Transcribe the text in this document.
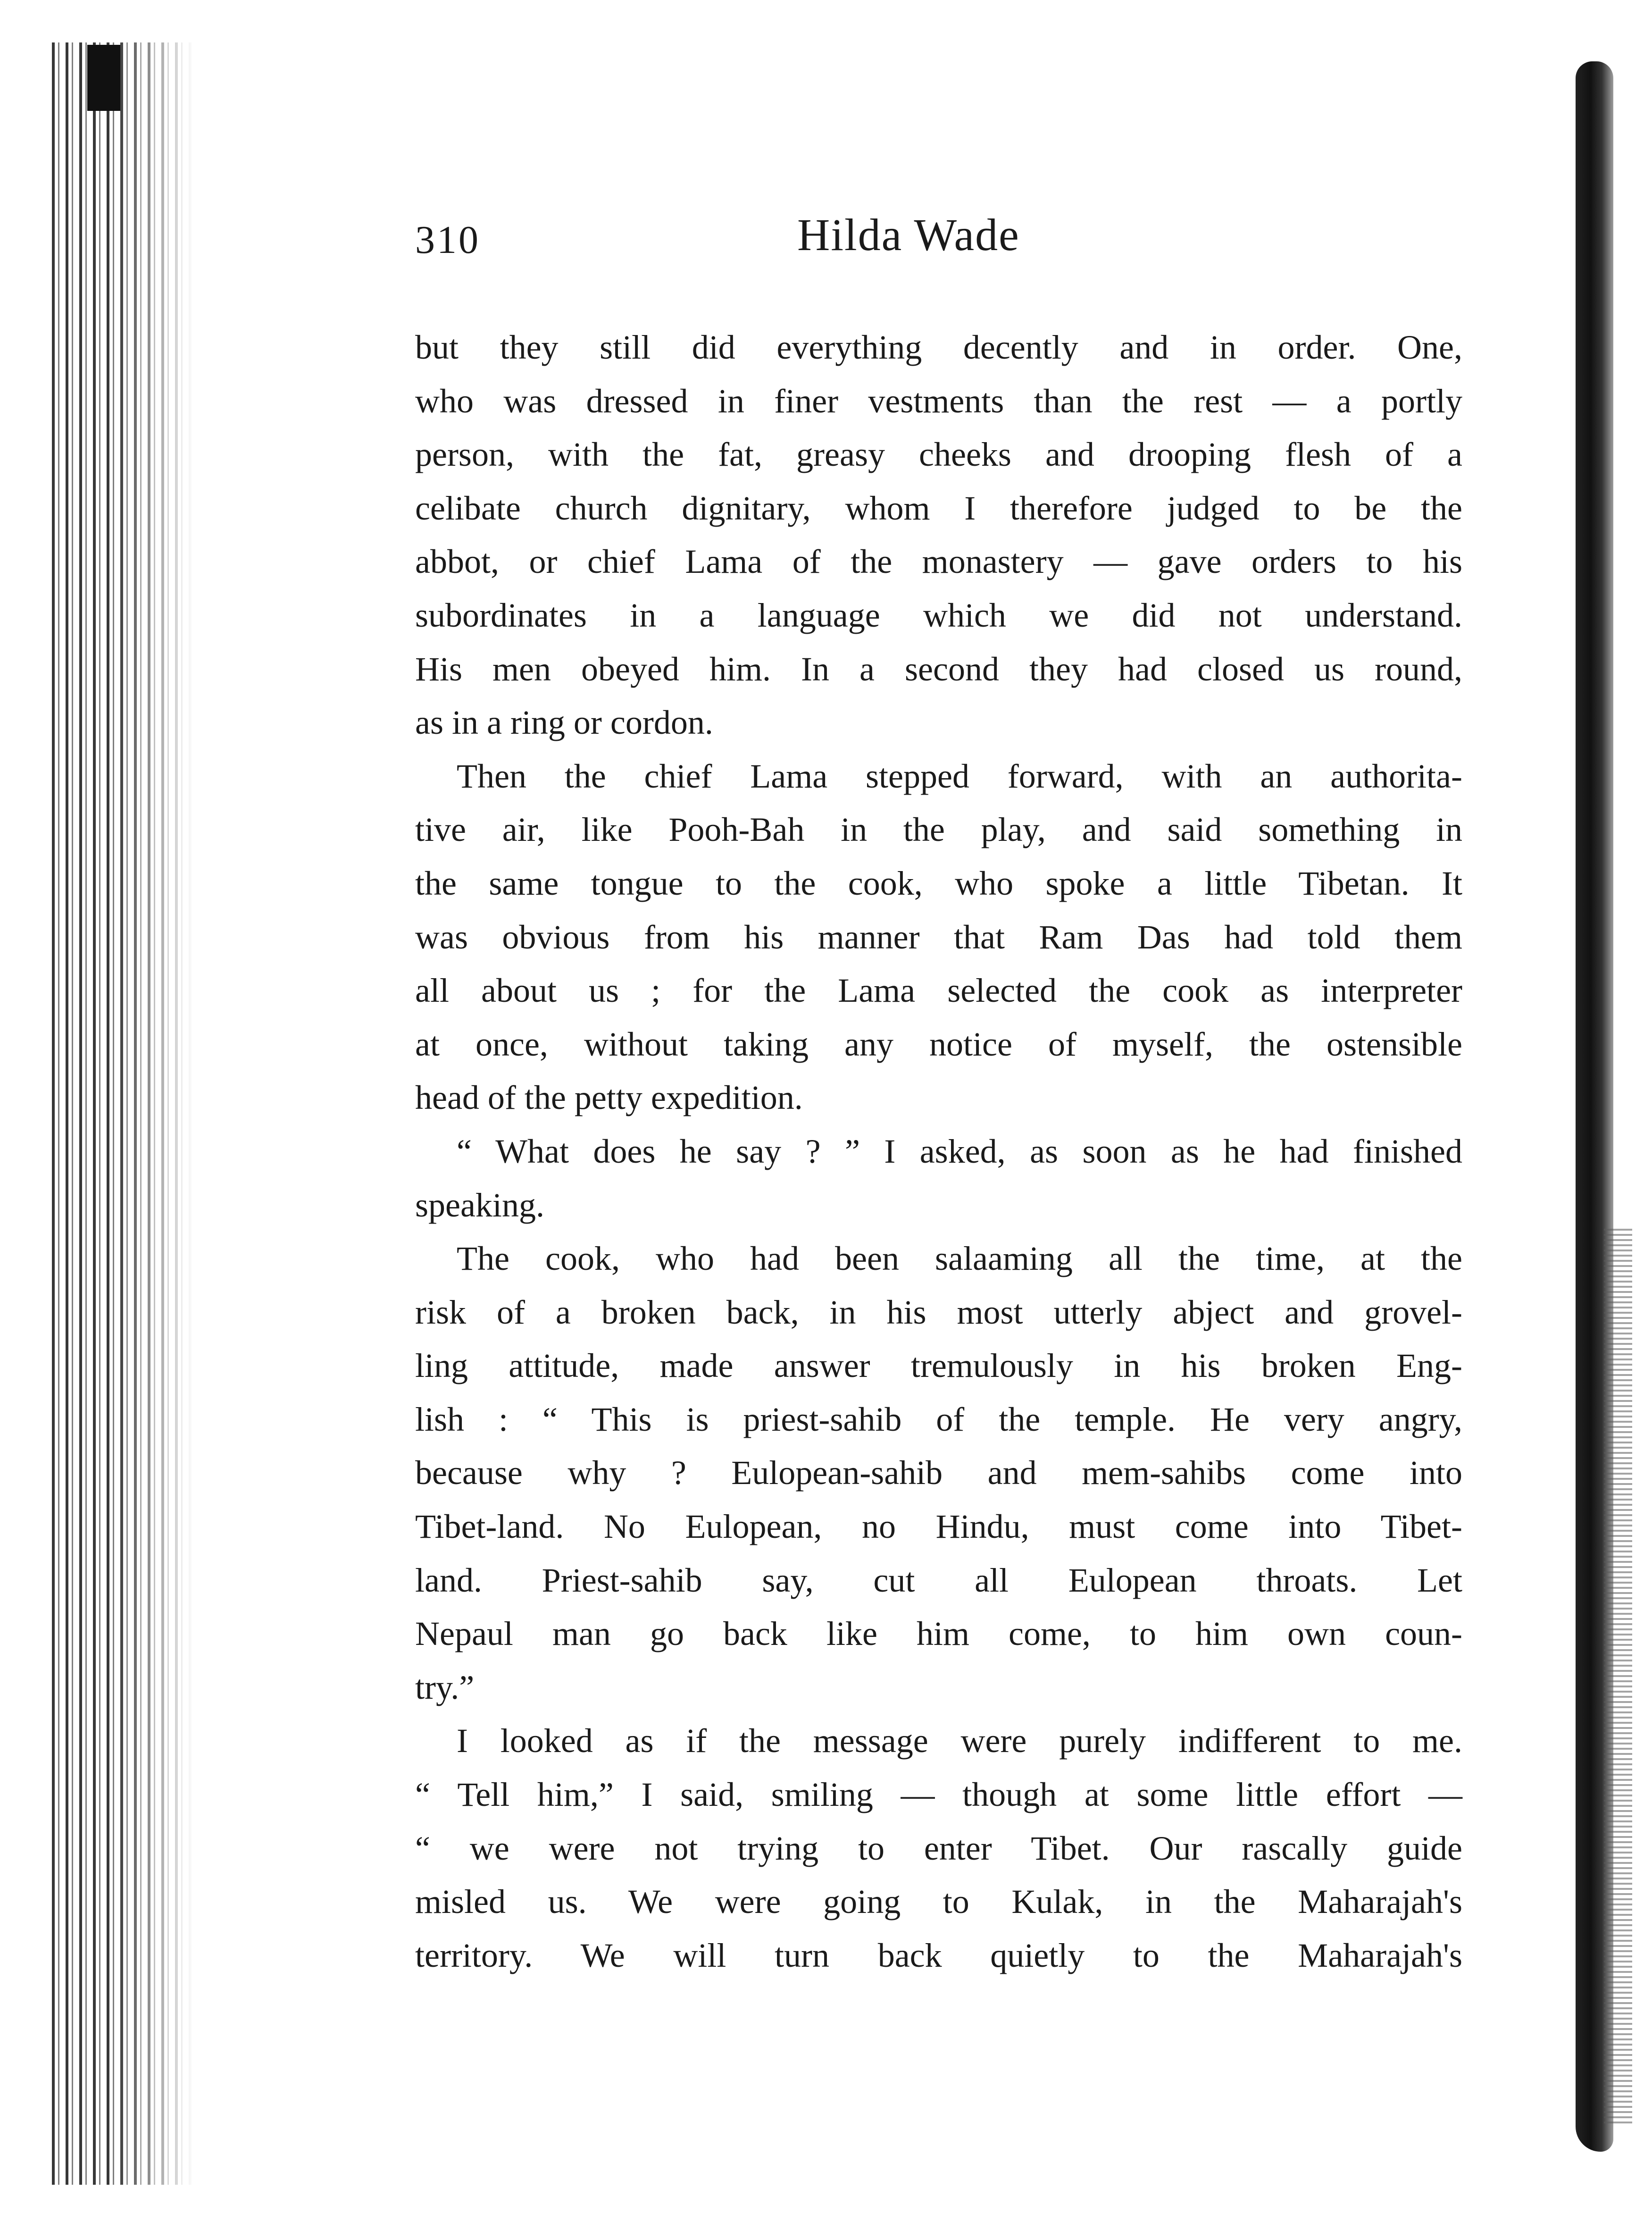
310	Hilda Wade
but they still did everything decently and in order. One,
who was dressed in finer vestments than the rest — a portly
person, with the fat, greasy cheeks and drooping flesh of a
celibate church dignitary, whom I therefore judged to be the
abbot, or chief Lama of the monastery — gave orders to his
subordinates in a language which we did not understand.
His men obeyed him. In a second they had closed us round,
as in a ring or cordon.
Then the chief Lama stepped forward, with an authorita-
tive air, like Pooh-Bah in the play, and said something in
the same tongue to the cook, who spoke a little Tibetan. It
was obvious from his manner that Ram Das had told them
all about us ; for the Lama selected the cook as interpreter
at once, without taking any notice of myself, the ostensible
head of the petty expedition.
“ What does he say ? ” I asked, as soon as he had finished
speaking.
The cook, who had been salaaming all the time, at the
risk of a broken back, in his most utterly abject and grovel-
ling attitude, made answer tremulously in his broken Eng-
lish : “ This is priest-sahib of the temple. He very angry,
because why ? Eulopean-sahib and mem-sahibs come into
Tibet-land. No Eulopean, no Hindu, must come into Tibet-
land. Priest-sahib say, cut all Eulopean throats. Let
Nepaul man go back like him come, to him own coun-
try.”
I looked as if the message were purely indifferent to me.
“ Tell him,” I said, smiling — though at some little effort —
“ we were not trying to enter Tibet. Our rascally guide
misled us. We were going to Kulak, in the Maharajah's
territory. We will turn back quietly to the Maharajah's
